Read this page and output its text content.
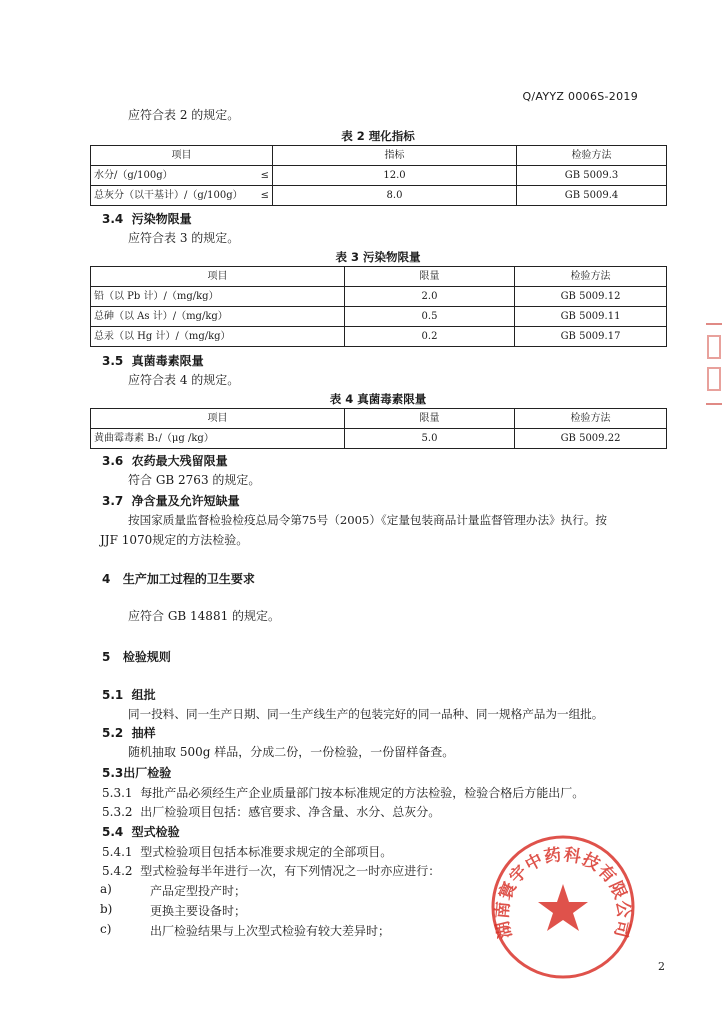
Q/AYYZ 0006S-2019
应符合表 2 的规定。
表 2 理化指标
项目	指标	检验方法
水分/（g/100g） ≤	12.0	GB 5009.3
总灰分（以干基计）/（g/100g） ≤	8.0	GB 5009.4
3.4 污染物限量
应符合表 3 的规定。
表 3 污染物限量
项目	限量	检验方法
铅（以 Pb 计）/（mg/kg）	2.0	GB 5009.12
总砷（以 As 计）/（mg/kg）	0.5	GB 5009.11
总汞（以 Hg 计）/（mg/kg）	0.2	GB 5009.17
3.5 真菌毒素限量
应符合表 4 的规定。
表 4 真菌毒素限量
项目	限量	检验方法
黄曲霉毒素 B₁/（μg /kg）	5.0	GB 5009.22
3.6 农药最大残留限量
符合 GB 2763 的规定。
3.7 净含量及允许短缺量
按国家质量监督检验检疫总局令第75号（2005）《定量包装商品计量监督管理办法》执行。按
JJF 1070规定的方法检验。
4 生产加工过程的卫生要求
应符合 GB 14881 的规定。
5 检验规则
5.1 组批
同一投料、同一生产日期、同一生产线生产的包装完好的同一品种、同一规格产品为一组批。
5.2 抽样
随机抽取 500g 样品，分成二份，一份检验，一份留样备查。
5.3出厂检验
5.3.1 每批产品必须经生产企业质量部门按本标准规定的方法检验，检验合格后方能出厂。
5.3.2 出厂检验项目包括：感官要求、净含量、水分、总灰分。
5.4 型式检验
5.4.1 型式检验项目包括本标准要求规定的全部项目。
5.4.2 型式检验每半年进行一次，有下列情况之一时亦应进行：
a)	产品定型投产时；
b)	更换主要设备时；
c)	出厂检验结果与上次型式检验有较大差异时；	湖南寰宇中药科技有限公司
2
